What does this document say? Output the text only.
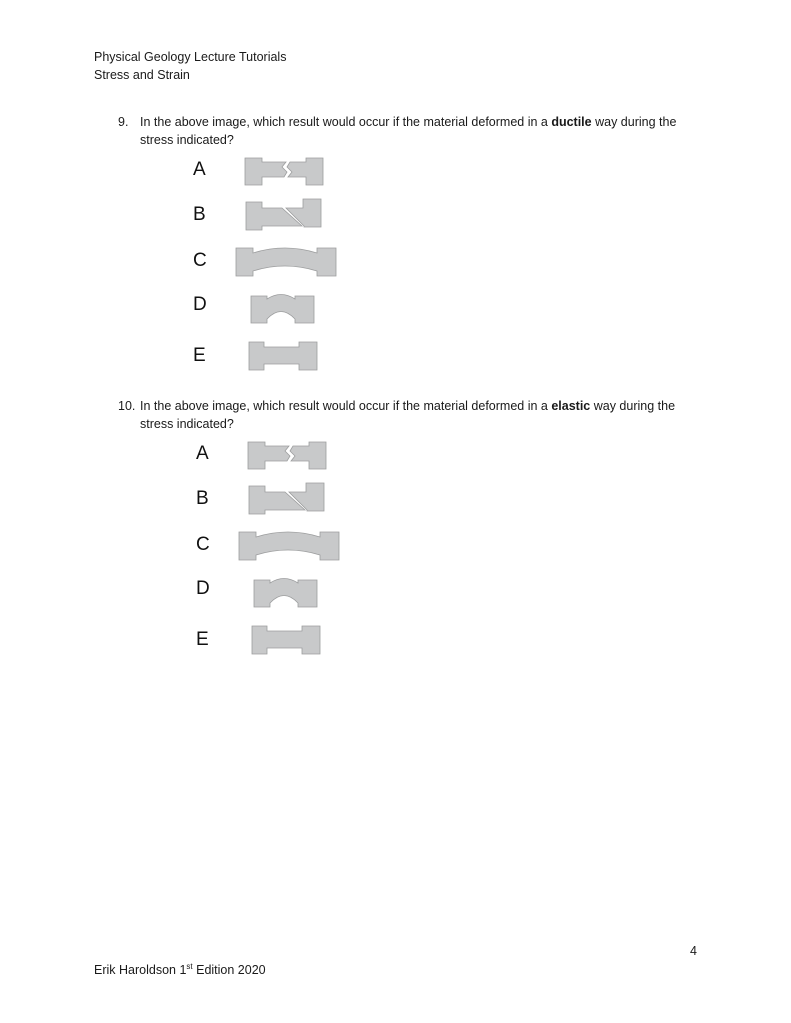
Physical Geology Lecture Tutorials
Stress and Strain
9. In the above image, which result would occur if the material deformed in a ductile way during the stress indicated?
A
B
C
D
E
10. In the above image, which result would occur if the material deformed in a elastic way during the stress indicated?
A
B
C
D
E
4
Erik Haroldson 1st Edition 2020
